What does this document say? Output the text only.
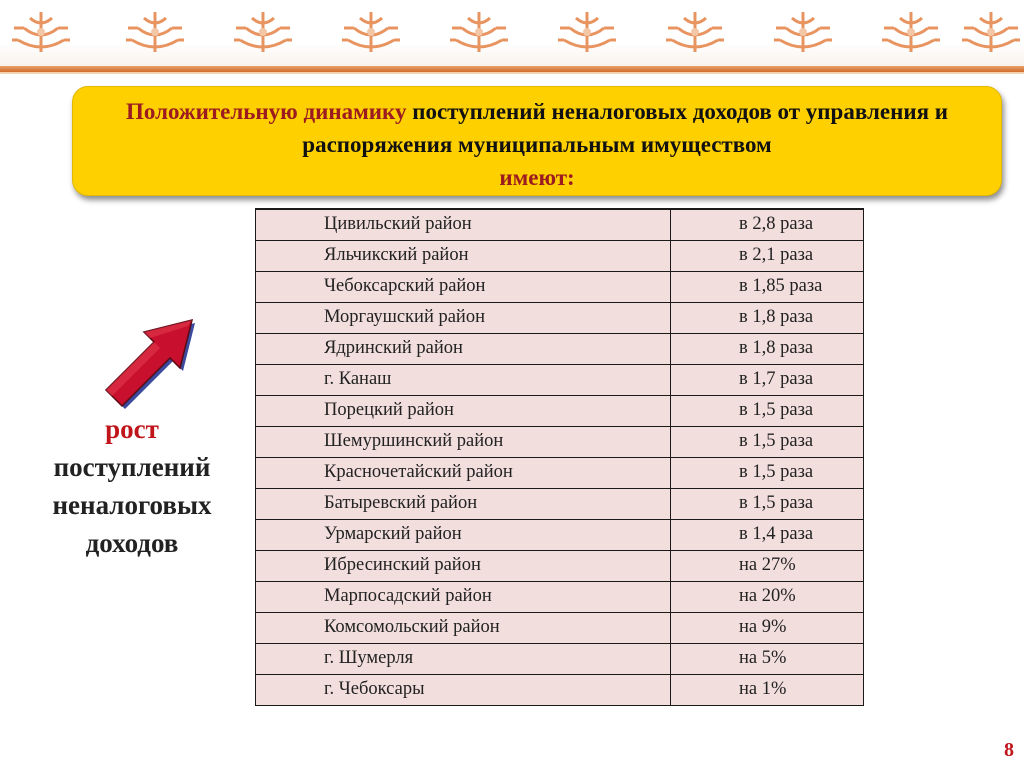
Положительную динамику поступлений неналоговых доходов от управления и распоряжения муниципальным имуществом
имеют:
рост
поступлений
неналоговых
доходов
Цивильский район	в 2,8 раза
Яльчикский район	в 2,1 раза
Чебоксарский район	в 1,85 раза
Моргаушский район	в 1,8 раза
Ядринский район	в 1,8 раза
г. Канаш	в 1,7 раза
Порецкий район	в 1,5 раза
Шемуршинский район	в 1,5 раза
Красночетайский район	в 1,5 раза
Батыревский район	в 1,5 раза
Урмарский район	в 1,4 раза
Ибресинский район	на 27%
Марпосадский район	на 20%
Комсомольский район	на 9%
г. Шумерля	на 5%
г. Чебоксары	на 1%
8
